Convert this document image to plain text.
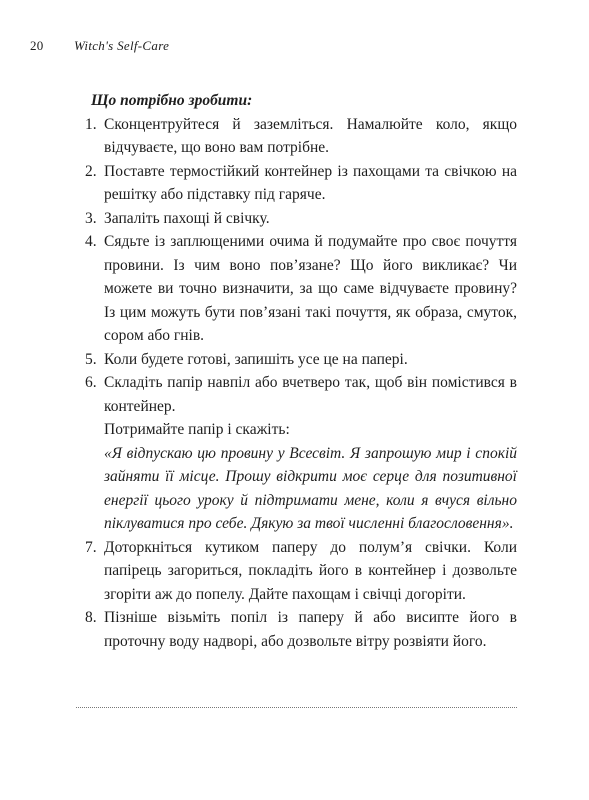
20 Witch's Self-Care

Що потрібно зробити:

1. Сконцентруйтеся й заземліться. Намалюйте коло, якщо відчуваєте, що воно вам потрібне.
2. Поставте термостійкий контейнер із пахощами та свічкою на решітку або підставку під гаряче.
3. Запаліть пахощі й свічку.
4. Сядьте із заплющеними очима й подумайте про своє почуття провини. Із чим воно пов’язане? Що його викликає? Чи можете ви точно визначити, за що саме відчуваєте провину? Із цим можуть бути пов’язані такі почуття, як образа, смуток, сором або гнів.
5. Коли будете готові, запишіть усе це на папері.
6. Складіть папір навпіл або вчетверо так, щоб він помістився в контейнер.
Потримайте папір і скажіть:
«Я відпускаю цю провину у Всесвіт. Я запрошую мир і спокій зайняти її місце. Прошу відкрити моє серце для позитивної енергії цього уроку й підтримати мене, коли я вчуся вільно піклуватися про себе. Дякую за твої численні благословення».
7. Доторкніться кутиком паперу до полум’я свічки. Коли папірець загориться, покладіть його в контейнер і дозвольте згоріти аж до попелу. Дайте пахощам і свічці догоріти.
8. Пізніше візьміть попіл із паперу й або висипте його в проточну воду надворі, або дозвольте вітру розвіяти його.
